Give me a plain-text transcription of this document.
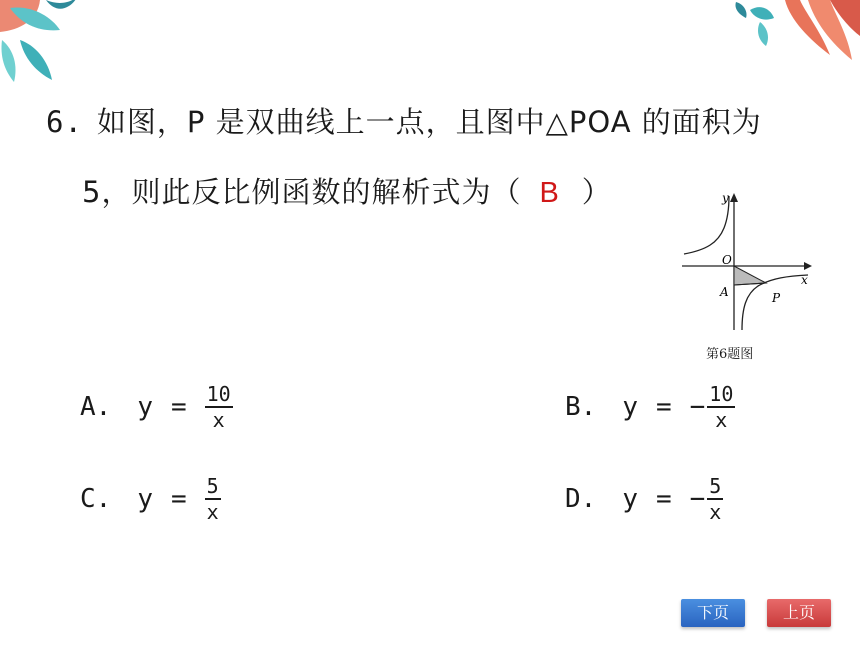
6. 如图，P 是双曲线上一点，且图中△POA 的面积为
5，则此反比例函数的解析式为（ B ）
O
A	P
y
x
第6题图
A. $y = \frac{10}{x}$	B. y = − $\frac{10}{x}$
C. $y = \frac{5}{x}$	D. y = − $\frac{5}{x}$
下页	上页
